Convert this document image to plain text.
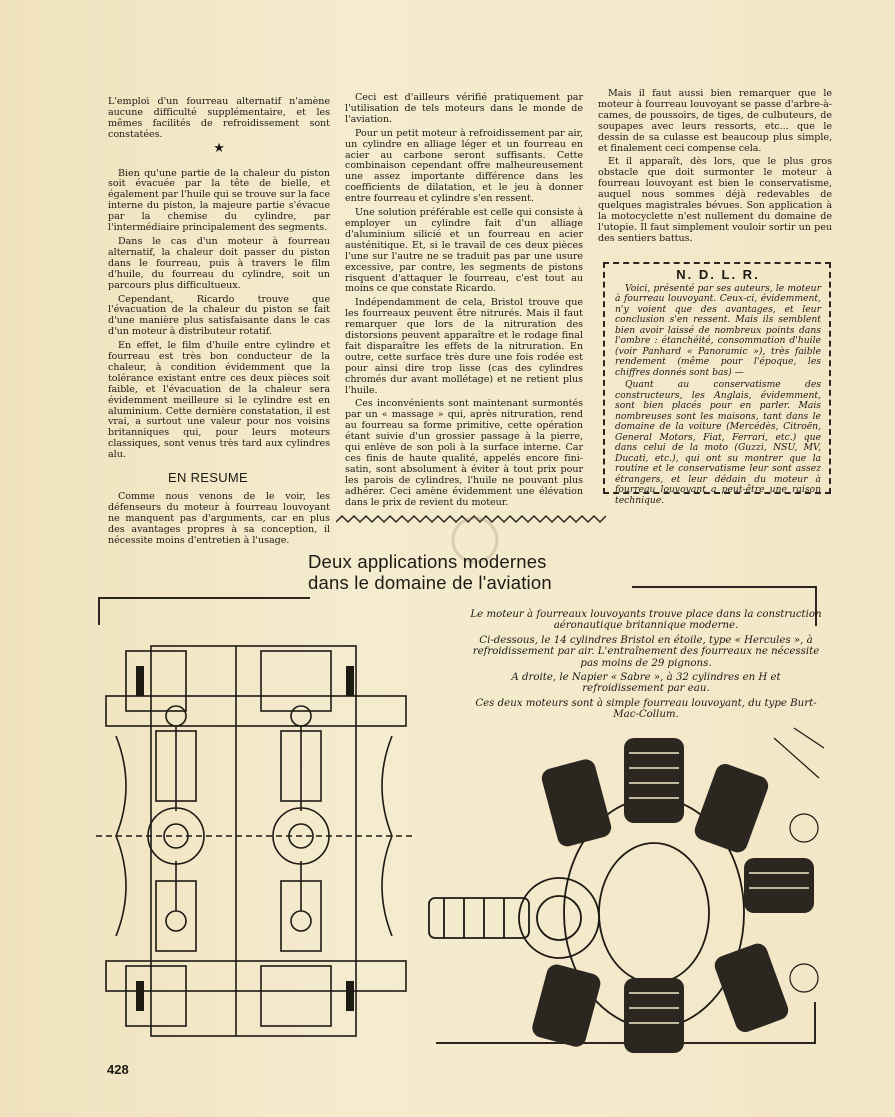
L'emploi d'un fourreau alternatif n'amène aucune difficulté supplémentaire, et les mêmes facilités de refroidissement sont constatées.

★

Bien qu'une partie de la chaleur du piston soit évacuée par la tête de bielle, et également par l'huile qui se trouve sur la face interne du piston, la majeure partie s'évacue par la chemise du cylindre, par l'intermédiaire principalement des segments.

Dans le cas d'un moteur à fourreau alternatif, la chaleur doit passer du piston dans le fourreau, puis à travers le film d'huile, du fourreau du cylindre, soit un parcours plus difficultueux.

Cependant, Ricardo trouve que l'évacuation de la chaleur du piston se fait d'une manière plus satisfaisante dans le cas d'un moteur à distributeur rotatif.

En effet, le film d'huile entre cylindre et fourreau est très bon conducteur de la chaleur, à condition évidemment que la tolérance existant entre ces deux pièces soit faible, et l'évacuation de la chaleur sera évidemment meilleure si le cylindre est en aluminium. Cette dernière constatation, il est vrai, a surtout une valeur pour nos voisins britanniques qui, pour leurs moteurs classiques, sont venus très tard aux cylindres alu.

EN RESUME

Comme nous venons de le voir, les défenseurs du moteur à fourreau louvoyant ne manquent pas d'arguments, car en plus des avantages propres à sa conception, il nécessite moins d'entretien à l'usage.

Ceci est d'ailleurs vérifié pratiquement par l'utilisation de tels moteurs dans le monde de l'aviation.

Pour un petit moteur à refroidissement par air, un cylindre en alliage léger et un fourreau en acier au carbone seront suffisants. Cette combinaison cependant offre malheureusement une assez importante différence dans les coefficients de dilatation, et le jeu à donner entre fourreau et cylindre s'en ressent.

Une solution préférable est celle qui consiste à employer un cylindre fait d'un alliage d'aluminium silicié et un fourreau en acier austénitique. Et, si le travail de ces deux pièces l'une sur l'autre ne se traduit pas par une usure excessive, par contre, les segments de pistons risquent d'attaquer le fourreau, c'est tout au moins ce que constate Ricardo.

Indépendamment de cela, Bristol trouve que les fourreaux peuvent être nitrurés. Mais il faut remarquer que lors de la nitruration des distorsions peuvent apparaître et le rodage final fait disparaître les effets de la nitruration. En outre, cette surface très dure une fois rodée est pour ainsi dire trop lisse (cas des cylindres chromés dur avant mollétage) et ne retient plus l'huile.

Ces inconvénients sont maintenant surmontés par un « massage » qui, après nitruration, rend au fourreau sa forme primitive, cette opération étant suivie d'un grossier passage à la pierre, qui enlève de son poli à la surface interne. Car ces finis de haute qualité, appelés encore fini-satin, sont absolument à éviter à tout prix pour les parois de cylindres, l'huile ne pouvant plus adhérer. Ceci amène évidemment une élévation dans le prix de revient du moteur.

Mais il faut aussi bien remarquer que le moteur à fourreau louvoyant se passe d'arbre-à-cames, de poussoirs, de tiges, de culbuteurs, de soupapes avec leurs ressorts, etc... que le dessin de sa culasse est beaucoup plus simple, et finalement ceci compense cela.

Et il apparaît, dès lors, que le plus gros obstacle que doit surmonter le moteur à fourreau louvoyant est bien le conservatisme, auquel nous sommes déjà redevables de quelques magistrales bévues. Son application à la motocyclette n'est nullement du domaine de l'utopie. Il faut simplement vouloir sortir un peu des sentiers battus.

N. D. L. R.

Voici, présenté par ses auteurs, le moteur à fourreau louvoyant. Ceux-ci, évidemment, n'y voient que des avantages, et leur conclusion s'en ressent. Mais ils semblent bien avoir laissé de nombreux points dans l'ombre : étanchéité, consommation d'huile (voir Panhard « Panoramic »), très faible rendement (même pour l'époque, les chiffres donnés sont bas) —

Quant au conservatisme des constructeurs, les Anglais, évidemment, sont bien placés pour en parler. Mais nombreuses sont les maisons, tant dans le domaine de la voiture (Mercédès, Citroën, General Motors, Fiat, Ferrari, etc.) que dans celui de la moto (Guzzi, NSU, MV, Ducati, etc.), qui ont su montrer que la routine et le conservatisme leur sont assez étrangers, et leur dédain du moteur à fourreau louvoyant a peut-être une raison technique.

Deux applications modernes
dans le domaine de l'aviation

Le moteur à fourreaux louvoyants trouve place dans la construction aéronautique britannique moderne.

Ci-dessous, le 14 cylindres Bristol en étoile, type « Hercules », à refroidissement par air. L'entraînement des fourreaux ne nécessite pas moins de 29 pignons.

A droite, le Napier « Sabre », à 32 cylindres en H et refroidissement par eau.

Ces deux moteurs sont à simple fourreau louvoyant, du type Burt-Mac-Collum.

428
